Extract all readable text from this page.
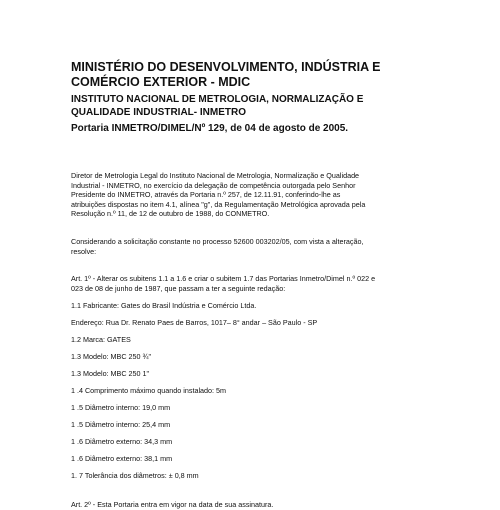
MINISTÉRIO DO DESENVOLVIMENTO, INDÚSTRIA E
COMÉRCIO EXTERIOR - MDIC

INSTITUTO NACIONAL DE METROLOGIA, NORMALIZAÇÃO E
QUALIDADE INDUSTRIAL- INMETRO

Portaria INMETRO/DIMEL/Nº 129, de 04 de agosto de 2005.

Diretor de Metrologia Legal do Instituto Nacional de Metrologia, Normalização e Qualidade
Industrial - INMETRO, no exercício da delegação de competência outorgada pelo Senhor
Presidente do INMETRO, através da Portaria n.º 257, de 12.11.91, conferindo-lhe as
atribuições dispostas no item 4.1, alínea "g", da Regulamentação Metrológica aprovada pela
Resolução n.º 11, de 12 de outubro de 1988, do CONMETRO.

Considerando a solicitação constante no processo 52600 003202/05, com vista a alteração,
resolve:

Art. 1º - Alterar os subitens 1.1 a 1.6 e criar o subitem 1.7 das Portarias Inmetro/Dimel n.º 022 e
023 de 08 de junho de 1987, que passam a ter a seguinte redação:

1.1 Fabricante: Gates do Brasil Indústria e Comércio Ltda.

Endereço: Rua Dr. Renato Paes de Barros, 1017– 8° andar – São Paulo - SP

1.2 Marca: GATES

1.3 Modelo: MBC 250 ¾"

1.3 Modelo: MBC 250 1"

1 .4 Comprimento máximo quando instalado: 5m

1 .5 Diâmetro interno: 19,0 mm

1 .5 Diâmetro interno: 25,4 mm

1 .6 Diâmetro externo: 34,3 mm

1 .6 Diâmetro externo: 38,1 mm

1. 7 Tolerância dos diâmetros: ± 0,8 mm

Art. 2º - Esta Portaria entra em vigor na data de sua assinatura.
